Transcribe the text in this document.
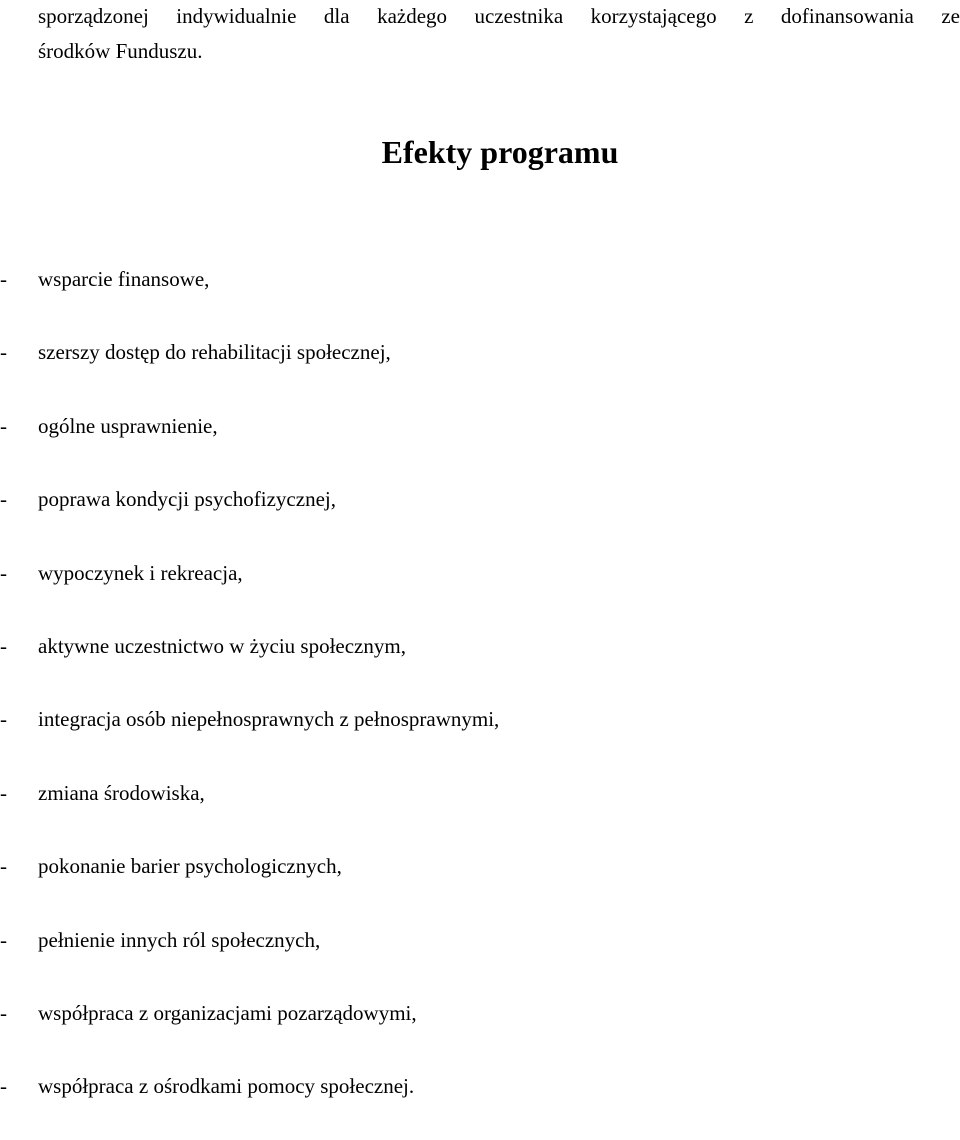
sporządzonej indywidualnie dla każdego uczestnika korzystającego z dofinansowania ze
środków Funduszu.
Efekty programu
-	wsparcie finansowe,
-	szerszy dostęp do rehabilitacji społecznej,
-	ogólne usprawnienie,
-	poprawa kondycji psychofizycznej,
-	wypoczynek i rekreacja,
-	aktywne uczestnictwo w życiu społecznym,
-	integracja osób niepełnosprawnych z pełnosprawnymi,
-	zmiana środowiska,
-	pokonanie barier psychologicznych,
-	pełnienie innych ról społecznych,
-	współpraca z organizacjami pozarządowymi,
-	współpraca z ośrodkami pomocy społecznej.
